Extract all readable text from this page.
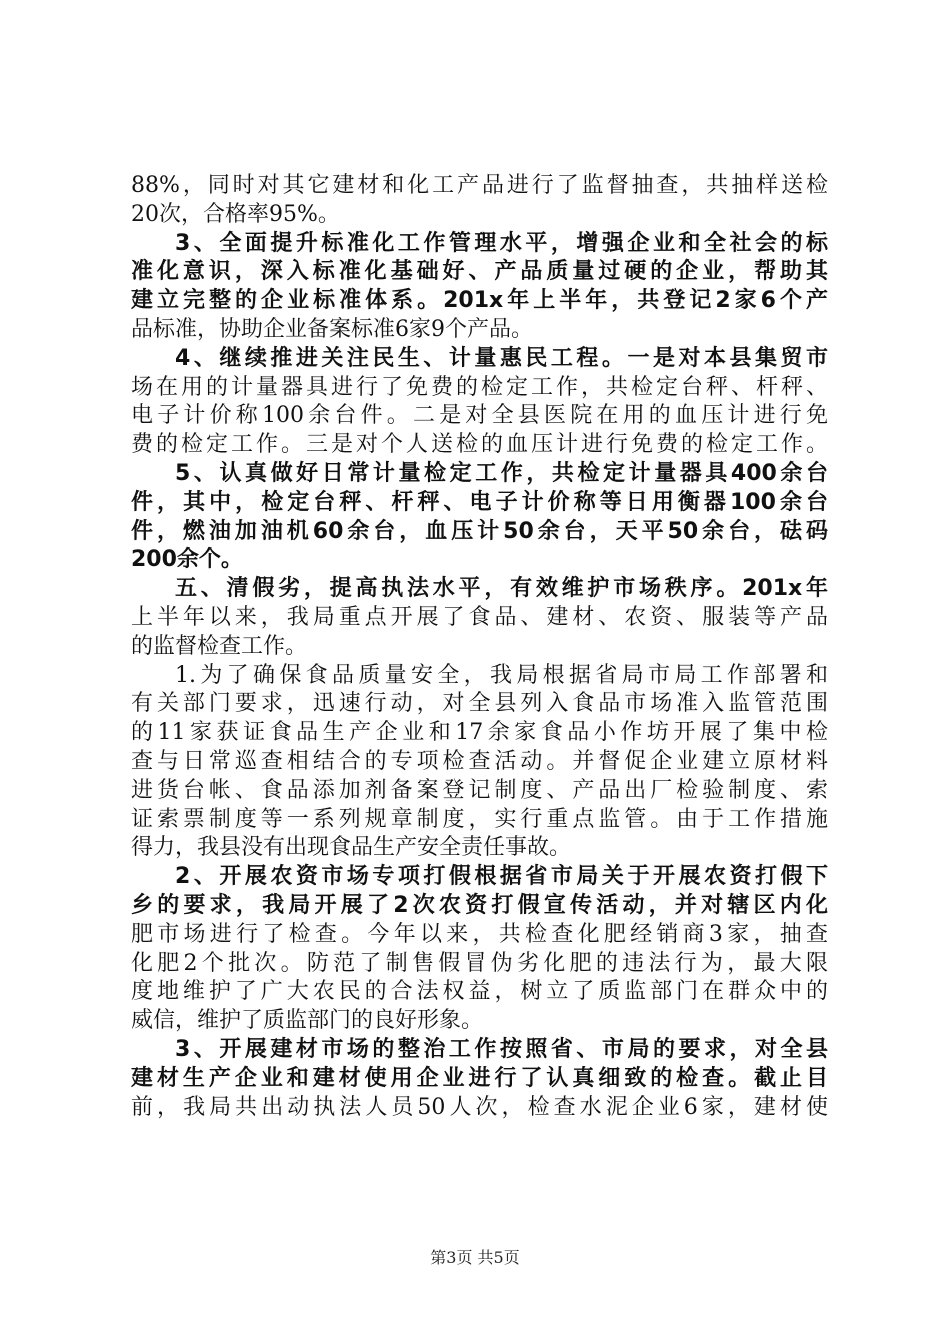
88%，同时对其它建材和化工产品进行了监督抽查，共抽样送检
20次，合格率95%。
3、全面提升标准化工作管理水平，增强企业和全社会的标
准化意识，深入标准化基础好、产品质量过硬的企业，帮助其
建立完整的企业标准体系。201x年上半年，共登记2家6个产
品标准，协助企业备案标准6家9个产品。
4、继续推进关注民生、计量惠民工程。一是对本县集贸市
场在用的计量器具进行了免费的检定工作，共检定台秤、杆秤、
电子计价称100余台件。二是对全县医院在用的血压计进行免
费的检定工作。三是对个人送检的血压计进行免费的检定工作。
5、认真做好日常计量检定工作，共检定计量器具400余台
件，其中，检定台秤、杆秤、电子计价称等日用衡器100余台
件，燃油加油机60余台，血压计50余台，天平50余台，砝码
200余个。
五、清假劣，提高执法水平，有效维护市场秩序。201x年
上半年以来，我局重点开展了食品、建材、农资、服装等产品
的监督检查工作。
1.为了确保食品质量安全，我局根据省局市局工作部署和
有关部门要求，迅速行动，对全县列入食品市场准入监管范围
的11家获证食品生产企业和17余家食品小作坊开展了集中检
查与日常巡查相结合的专项检查活动。并督促企业建立原材料
进货台帐、食品添加剂备案登记制度、产品出厂检验制度、索
证索票制度等一系列规章制度，实行重点监管。由于工作措施
得力，我县没有出现食品生产安全责任事故。
2、开展农资市场专项打假根据省市局关于开展农资打假下
乡的要求，我局开展了2次农资打假宣传活动，并对辖区内化
肥市场进行了检查。今年以来，共检查化肥经销商3家，抽查
化肥2个批次。防范了制售假冒伪劣化肥的违法行为，最大限
度地维护了广大农民的合法权益，树立了质监部门在群众中的
威信，维护了质监部门的良好形象。
3、开展建材市场的整治工作按照省、市局的要求，对全县
建材生产企业和建材使用企业进行了认真细致的检查。截止目
前，我局共出动执法人员50人次，检查水泥企业6家，建材使
第3页 共5页
